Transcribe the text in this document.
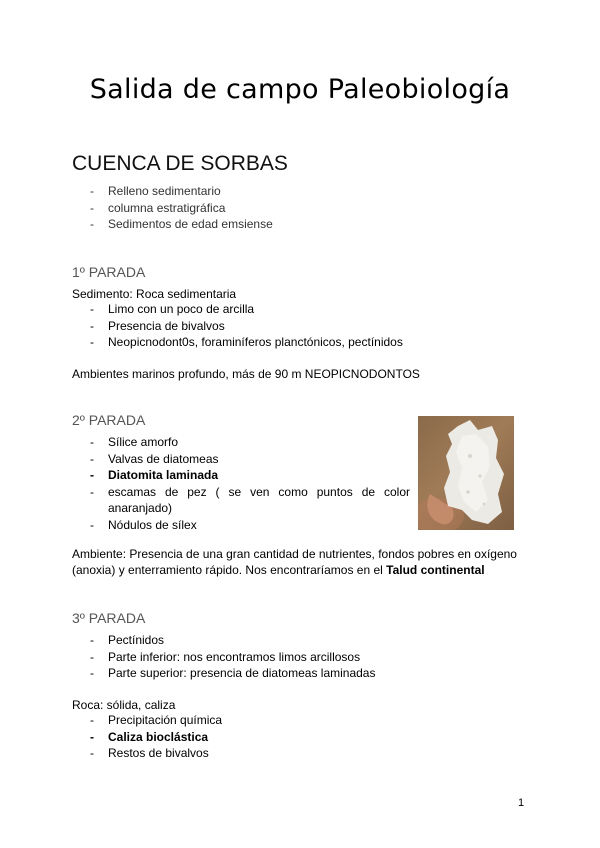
Salida de campo Paleobiología
CUENCA DE SORBAS
- Relleno sedimentario
- columna estratigráfica
- Sedimentos de edad emsiense
1º PARADA
Sedimento: Roca sedimentaria
- Limo con un poco de arcilla
- Presencia de bivalvos
- Neopicnodont0s, foraminíferos planctónicos, pectínidos
Ambientes marinos profundo, más de 90 m NEOPICNODONTOS
2º PARADA
- Sílice amorfo
- Valvas de diatomeas
- Diatomita laminada
- escamas de pez ( se ven como puntos de color anaranjado)
- Nódulos de sílex
Ambiente: Presencia de una gran cantidad de nutrientes, fondos pobres en oxígeno (anoxia) y enterramiento rápido. Nos encontraríamos en el Talud continental
3º PARADA
- Pectínidos
- Parte inferior: nos encontramos limos arcillosos
- Parte superior: presencia de diatomeas laminadas
Roca: sólida, caliza
- Precipitación química
- Caliza bioclástica
- Restos de bivalvos
1
